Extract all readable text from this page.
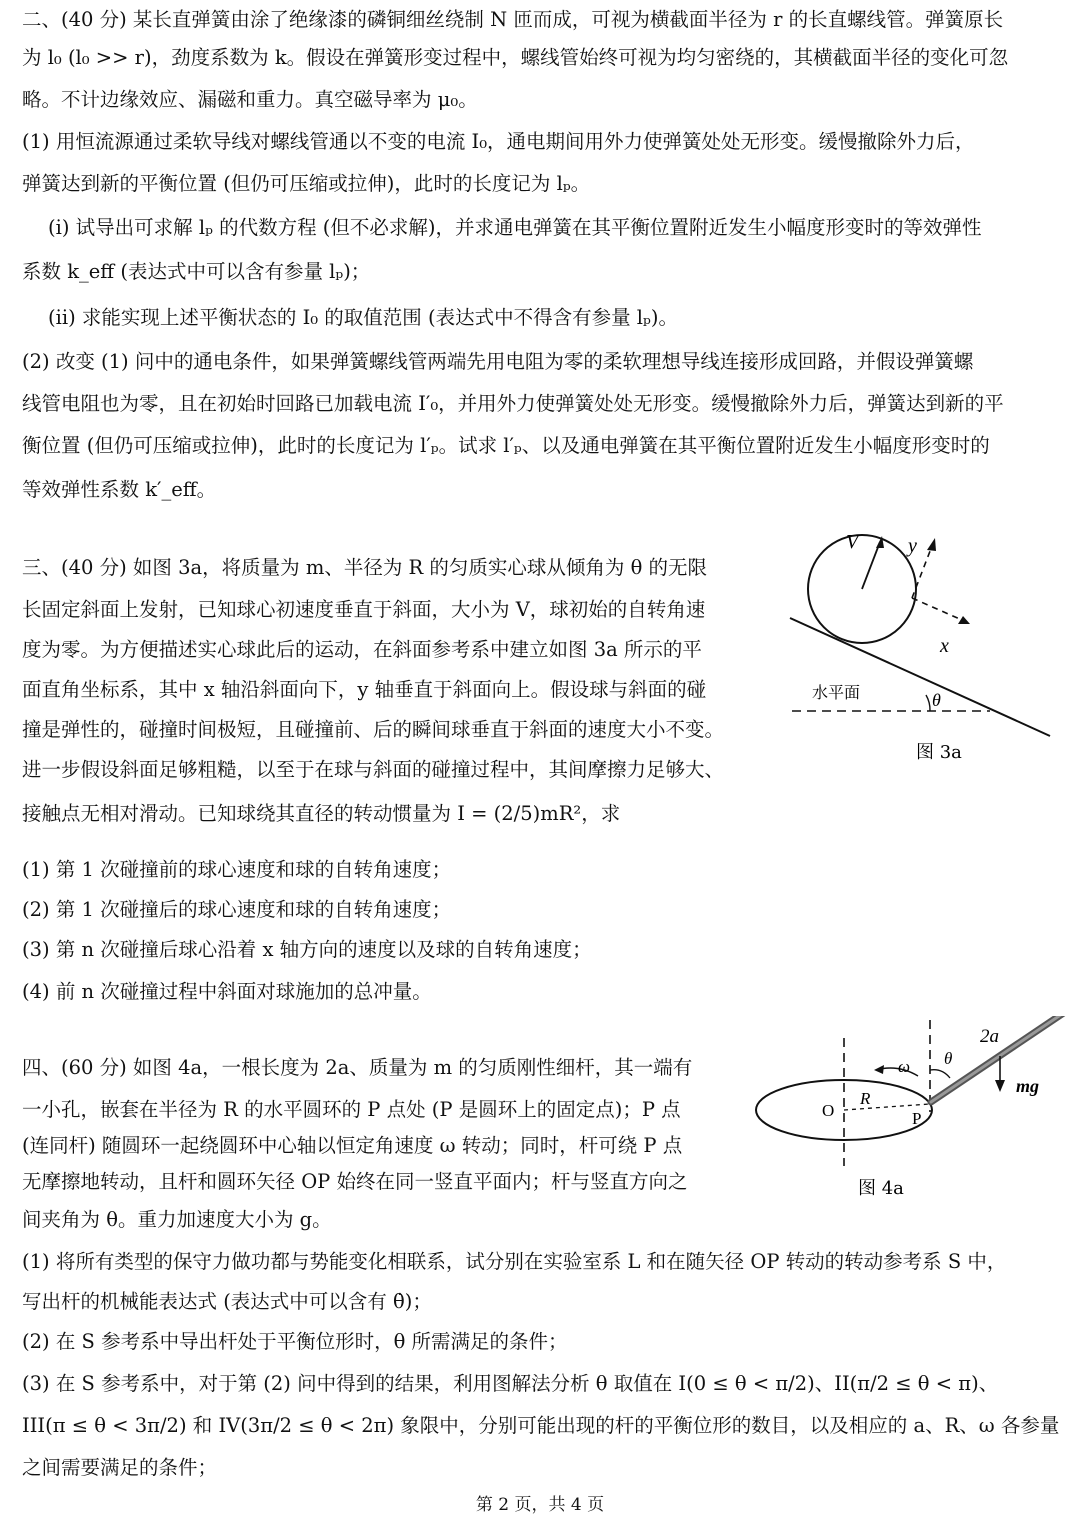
二、(40 分) 某长直弹簧由涂了绝缘漆的磷铜细丝绕制 N 匝而成，可视为横截面半径为 r 的长直螺线管。弹簧原长
为 l₀ (l₀ >> r)，劲度系数为 k。假设在弹簧形变过程中，螺线管始终可视为均匀密绕的，其横截面半径的变化可忽
略。不计边缘效应、漏磁和重力。真空磁导率为 μ₀。
(1) 用恒流源通过柔软导线对螺线管通以不变的电流 I₀，通电期间用外力使弹簧处处无形变。缓慢撤除外力后，
弹簧达到新的平衡位置 (但仍可压缩或拉伸)，此时的长度记为 lₚ。
(i) 试导出可求解 lₚ 的代数方程 (但不必求解)，并求通电弹簧在其平衡位置附近发生小幅度形变时的等效弹性
系数 k_eff (表达式中可以含有参量 lₚ)；
(ii) 求能实现上述平衡状态的 I₀ 的取值范围 (表达式中不得含有参量 lₚ)。
(2) 改变 (1) 问中的通电条件，如果弹簧螺线管两端先用电阻为零的柔软理想导线连接形成回路，并假设弹簧螺
线管电阻也为零，且在初始时回路已加载电流 I′₀，并用外力使弹簧处处无形变。缓慢撤除外力后，弹簧达到新的平
衡位置 (但仍可压缩或拉伸)，此时的长度记为 l′ₚ。试求 l′ₚ、以及通电弹簧在其平衡位置附近发生小幅度形变时的
等效弹性系数 k′_eff。
三、(40 分) 如图 3a，将质量为 m、半径为 R 的匀质实心球从倾角为 θ 的无限
长固定斜面上发射，已知球心初速度垂直于斜面，大小为 V，球初始的自转角速
度为零。为方便描述实心球此后的运动，在斜面参考系中建立如图 3a 所示的平
面直角坐标系，其中 x 轴沿斜面向下，y 轴垂直于斜面向上。假设球与斜面的碰
撞是弹性的，碰撞时间极短，且碰撞前、后的瞬间球垂直于斜面的速度大小不变。
进一步假设斜面足够粗糙，以至于在球与斜面的碰撞过程中，其间摩擦力足够大、
接触点无相对滑动。已知球绕其直径的转动惯量为 I = (2/5)mR²，求
(1) 第 1 次碰撞前的球心速度和球的自转角速度；
(2) 第 1 次碰撞后的球心速度和球的自转角速度；
(3) 第 n 次碰撞后球心沿着 x 轴方向的速度以及球的自转角速度；
(4) 前 n 次碰撞过程中斜面对球施加的总冲量。
V y
x
水平面	θ
图 3a
四、(60 分) 如图 4a，一根长度为 2a、质量为 m 的匀质刚性细杆，其一端有
一小孔，嵌套在半径为 R 的水平圆环的 P 点处 (P 是圆环上的固定点)；P 点
(连同杆) 随圆环一起绕圆环中心轴以恒定角速度 ω 转动；同时，杆可绕 P 点
无摩擦地转动，且杆和圆环矢径 OP 始终在同一竖直平面内；杆与竖直方向之
间夹角为 θ。重力加速度大小为 g。
(1) 将所有类型的保守力做功都与势能变化相联系，试分别在实验室系 L 和在随矢径 OP 转动的转动参考系 S 中，
写出杆的机械能表达式 (表达式中可以含有 θ̇)；
(2) 在 S 参考系中导出杆处于平衡位形时，θ 所需满足的条件；
(3) 在 S 参考系中，对于第 (2) 问中得到的结果，利用图解法分析 θ 取值在 I(0 ≤ θ < π/2)、II(π/2 ≤ θ < π)、
III(π ≤ θ < 3π/2) 和 IV(3π/2 ≤ θ < 2π) 象限中，分别可能出现的杆的平衡位形的数目，以及相应的 a、R、ω 各参量
之间需要满足的条件；
2a
ω θ
mg
R
O	P
图 4a
第 2 页，共 4 页
